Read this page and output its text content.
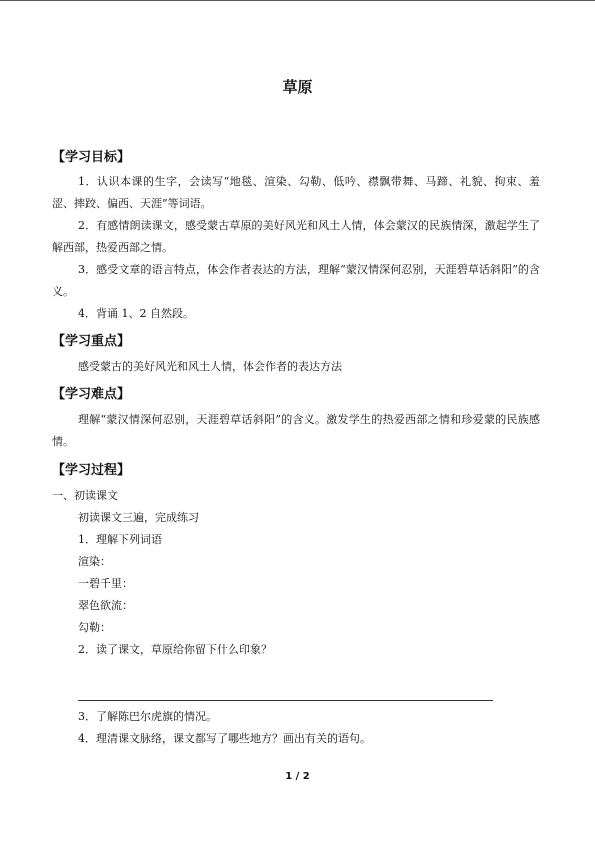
草原
【学习目标】

1．认识本课的生字，会读写“地毯、渲染、勾勒、低吟、襟飘带舞、马蹄、礼貌、拘束、羞涩、摔跤、偏西、天涯”等词语。

2．有感情朗读课文，感受蒙古草原的美好风光和风土人情，体会蒙汉的民族情深，激起学生了解西部，热爱西部之情。

3．感受文章的语言特点，体会作者表达的方法，理解“蒙汉情深何忍别，天涯碧草话斜阳”的含义。

4．背诵 1、2 自然段。

【学习重点】

感受蒙古的美好风光和风土人情，体会作者的表达方法

【学习难点】

理解“蒙汉情深何忍别，天涯碧草话斜阳”的含义。激发学生的热爱西部之情和珍爱蒙的民族感情。

【学习过程】
一、初读课文
初读课文三遍，完成练习
1．理解下列词语
渲染：
一碧千里：
翠色欲流：
勾勒：
2．读了课文，草原给你留下什么印象？
3．了解陈巴尔虎旗的情况。
4．理清课文脉络，课文都写了哪些地方？画出有关的语句。
1 / 2
